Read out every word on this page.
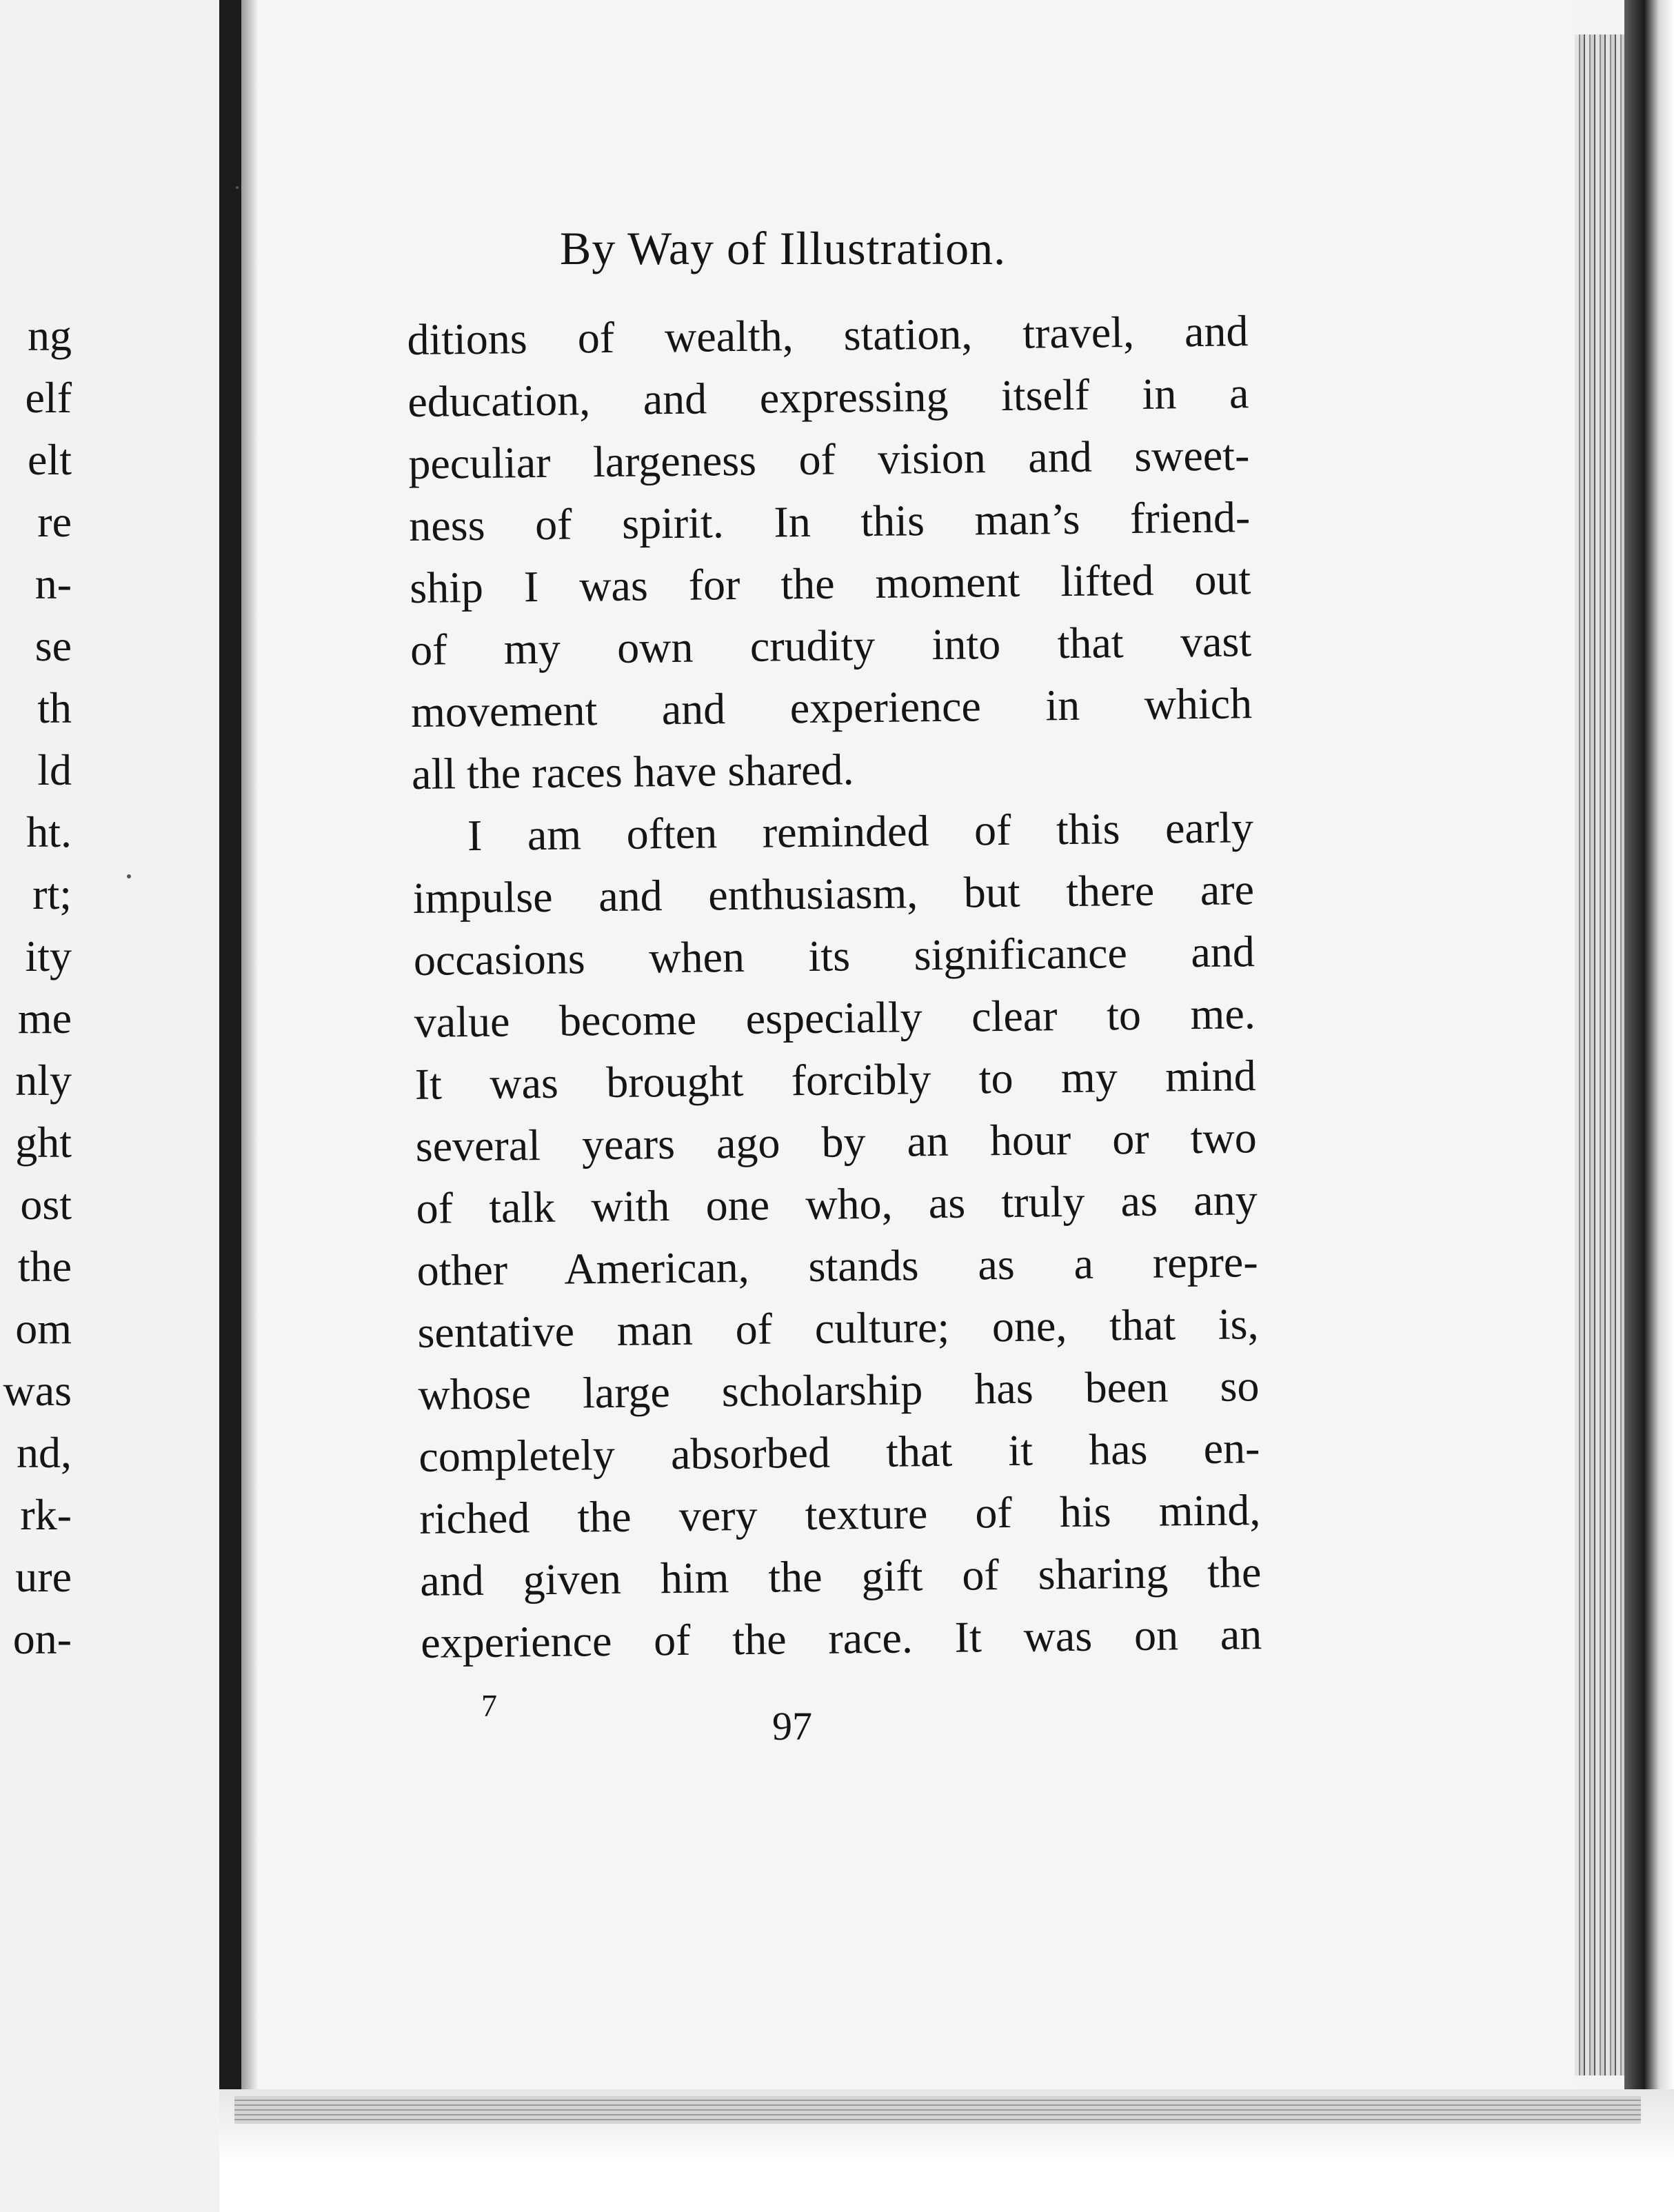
ng
elf
elt
re
n-
se
th
ld
ht.
rt;
ity
me
nly
ght
ost
the
om
was
nd,
rk-
ure
on-
By Way of Illustration.
ditions of wealth, station, travel, and
education, and expressing itself in a
peculiar largeness of vision and sweet-
ness of spirit. In this man’s friend-
ship I was for the moment lifted out
of my own crudity into that vast
movement and experience in which
all the races have shared.
I am often reminded of this early
impulse and enthusiasm, but there are
occasions when its significance and
value become especially clear to me.
It was brought forcibly to my mind
several years ago by an hour or two
of talk with one who, as truly as any
other American, stands as a repre-
sentative man of culture; one, that is,
whose large scholarship has been so
completely absorbed that it has en-
riched the very texture of his mind,
and given him the gift of sharing the
experience of the race. It was on an
7	97
